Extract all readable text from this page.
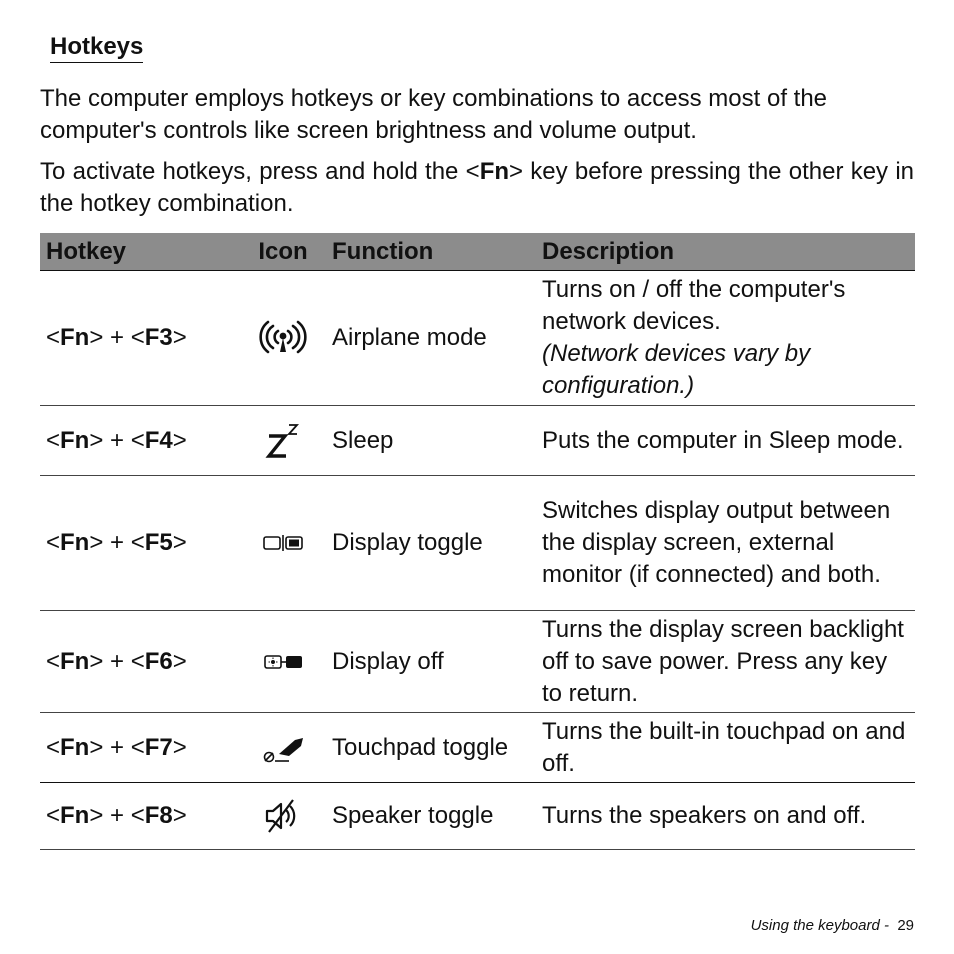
Hotkeys

The computer employs hotkeys or key combinations to access most of the computer's controls like screen brightness and volume output.

To activate hotkeys, press and hold the <Fn> key before pressing the other key in the hotkey combination.

Hotkey	Icon	Function	Description
<Fn> + <F3>		Airplane mode	Turns on / off the computer's network devices.
(Network devices vary by configuration.)

<Fn> + <F4>		Sleep	Puts the computer in Sleep mode.
<Fn> + <F5>		Display toggle	Switches display output between the display screen, external monitor (if connected) and both.
<Fn> + <F6>		Display off	Turns the display screen backlight off to save power. Press any key to return.
<Fn> + <F7>		Touchpad toggle	Turns the built-in touchpad on and off.
<Fn> + <F8>		Speaker toggle	Turns the speakers on and off.
Using the keyboard - 29
